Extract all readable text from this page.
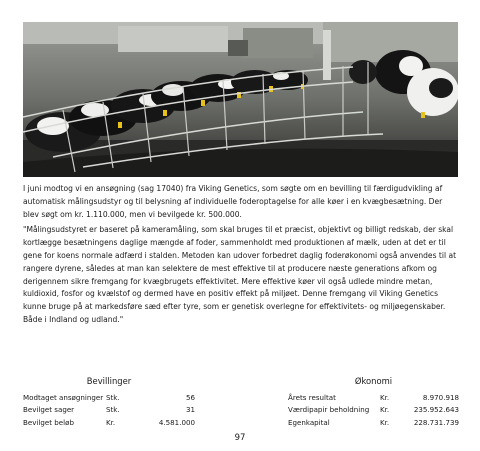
I juni modtog vi en ansøgning (sag 17040) fra Viking Genetics, som søgte om en bevilling til færdigudvikling af automatisk målingsudstyr og til belysning af individuelle foderoptagelse for alle køer i en kvægbesætning. Der blev søgt om kr. 1.110.000, men vi bevilgede kr. 500.000.

"Målingsudstyret er baseret på kameramåling, som skal bruges til et præcist, objektivt og billigt redskab, der skal kortlægge besætningens daglige mængde af foder, sammenholdt med produktionen af mælk, uden at det er til gene for koens normale adfærd i stalden. Metoden kan udover forbedret daglig foderøkonomi også anvendes til at rangere dyrene, således at man kan selektere de mest effektive til at producere næste generations afkom og derigennem sikre fremgang for kvægbrugets effektivitet. Mere effektive køer vil også udlede mindre metan, kuldioxid, fosfor og kvælstof og dermed have en positiv effekt på miljøet. Denne fremgang vil Viking Genetics kunne bruge på at markedsføre sæd efter tyre, som er genetisk overlegne for effektivitets- og miljøegenskaber. Både i Indland og udland."

Bevillinger
Modtaget ansøgninger	Stk.	56
Bevilget sager	Stk.	31
Bevilget beløb	Kr.	4.581.000
Økonomi
Årets resultat	Kr.	8.970.918
Værdipapir beholdning	Kr.	235.952.643
Egenkapital	Kr.	228.731.739
97
